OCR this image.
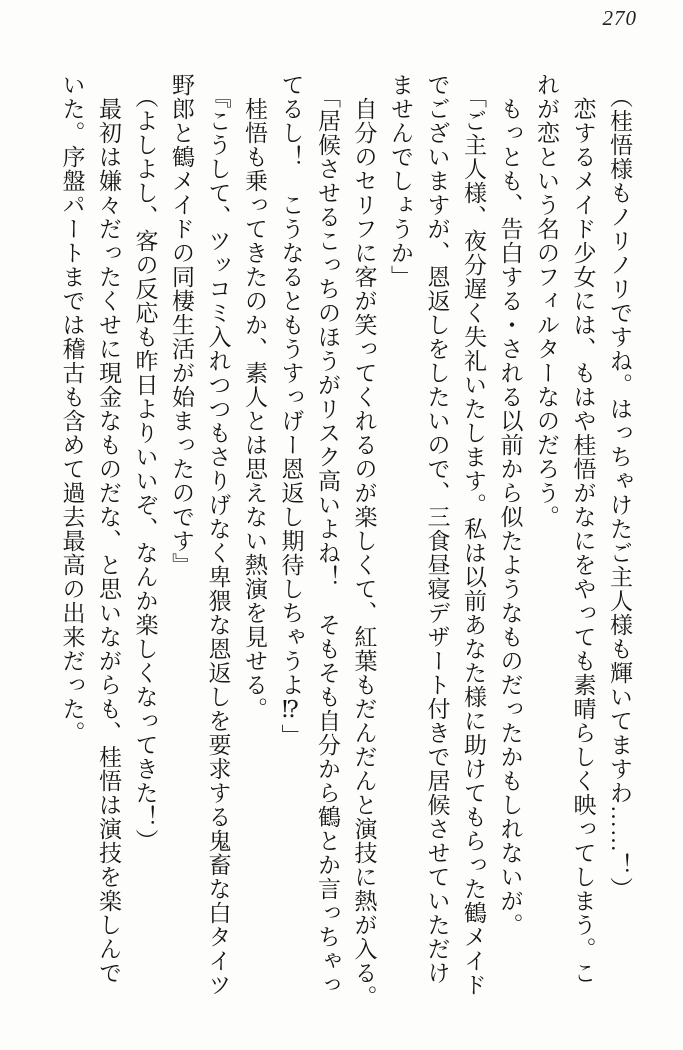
270
（桂悟様もノリノリですね。はっちゃけたご主人様も輝いてますわ……！）
恋するメイド少女には、もはや桂悟がなにをやっても素晴らしく映ってしまう。こ
れが恋という名のフィルターなのだろう。
もっとも、告白する・される以前から似たようなものだったかもしれないが。
「ご主人様、夜分遅く失礼いたします。私は以前あなた様に助けてもらった鶴メイド
でございますが、恩返しをしたいので、三食昼寝デザート付きで居候させていただけ
ませんでしょうか」
自分のセリフに客が笑ってくれるのが楽しくて、紅葉もだんだんと演技に熱が入る。
「居候させるこっちのほうがリスク高いよね！　そもそも自分から鶴とか言っちゃっ
てるし！　こうなるともうすっげー恩返し期待しちゃうよ⁉」
桂悟も乗ってきたのか、素人とは思えない熱演を見せる。
『こうして、ツッコミ入れつつもさりげなく卑猥な恩返しを要求する鬼畜な白タイツ
野郎と鶴メイドの同棲生活が始まったのです』
（よしよし、客の反応も昨日よりいいぞ、なんか楽しくなってきた！）
最初は嫌々だったくせに現金なものだな、と思いながらも、桂悟は演技を楽しんで
いた。序盤パートまでは稽古も含めて過去最高の出来だった。
